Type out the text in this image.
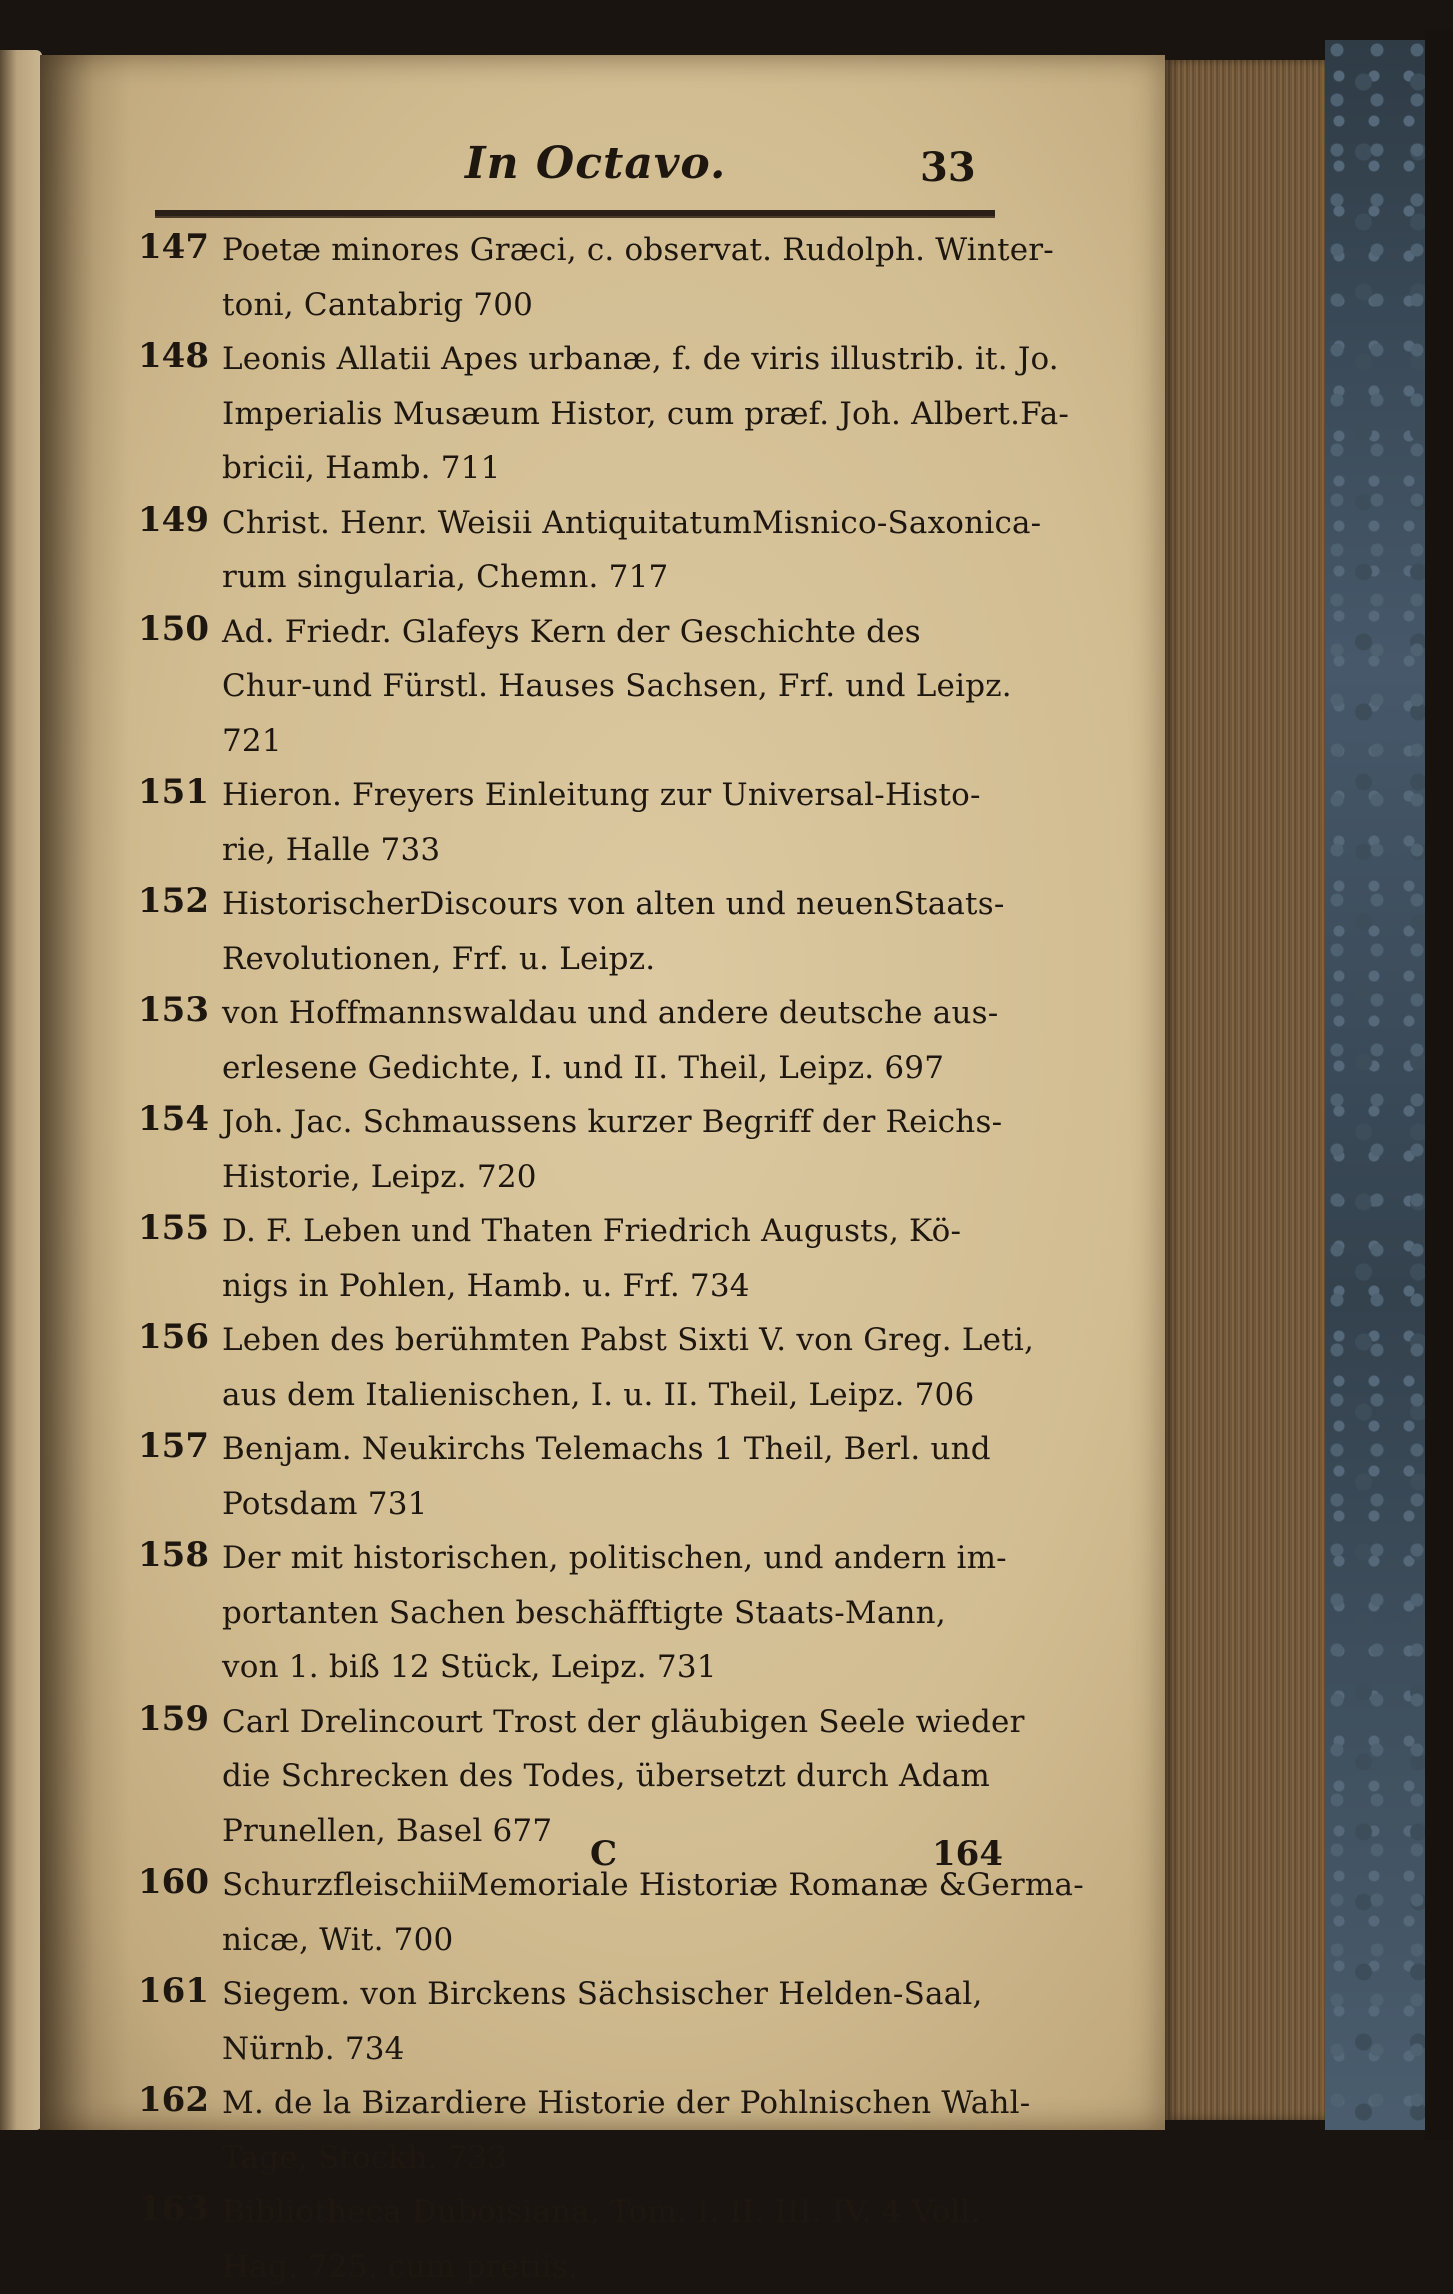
In Octavo.	33
147 Poetæ minores Græci, c. observat. Rudolph. Winter-
toni, Cantabrig 700
148 Leonis Allatii Apes urbanæ, f. de viris illustrib. it. Jo.
Imperialis Musæum Histor, cum præf. Joh. Albert.Fa-
bricii, Hamb. 711
149 Christ. Henr. Weisii AntiquitatumMisnico-Saxonica-
rum singularia, Chemn. 717
150 Ad. Friedr. Glafeys Kern der Geschichte des
Chur-und Fürstl. Hauses Sachsen, Frf. und Leipz.
721
151 Hieron. Freyers Einleitung zur Universal-Histo-
rie, Halle 733
152 HistorischerDiscours von alten und neuenStaats-
Revolutionen, Frf. u. Leipz.
153 von Hoffmannswaldau und andere deutsche aus-
erlesene Gedichte, I. und II. Theil, Leipz. 697
154 Joh. Jac. Schmaussens kurzer Begriff der Reichs-
Historie, Leipz. 720
155 D. F. Leben und Thaten Friedrich Augusts, Kö-
nigs in Pohlen, Hamb. u. Frf. 734
156 Leben des berühmten Pabst Sixti V. von Greg. Leti,
aus dem Italienischen, I. u. II. Theil, Leipz. 706
157 Benjam. Neukirchs Telemachs 1 Theil, Berl. und
Potsdam 731
158 Der mit historischen, politischen, und andern im-
portanten Sachen beschäfftigte Staats-Mann,
von 1. biß 12 Stück, Leipz. 731
159 Carl Drelincourt Trost der gläubigen Seele wieder
die Schrecken des Todes, übersetzt durch Adam
Prunellen, Basel 677
160 SchurzfleischiiMemoriale Historiæ Romanæ &Germa-
nicæ, Wit. 700
161 Siegem. von Birckens Sächsischer Helden-Saal,
Nürnb. 734
162 M. de la Bizardiere Historie der Pohlnischen Wahl-
Tage, Stockh. 733
163 Bibliotheca Duboisiana, Tom. I. II. III. IV. 4 Voll.
Hag. 725. cum pretiis.
C	164
